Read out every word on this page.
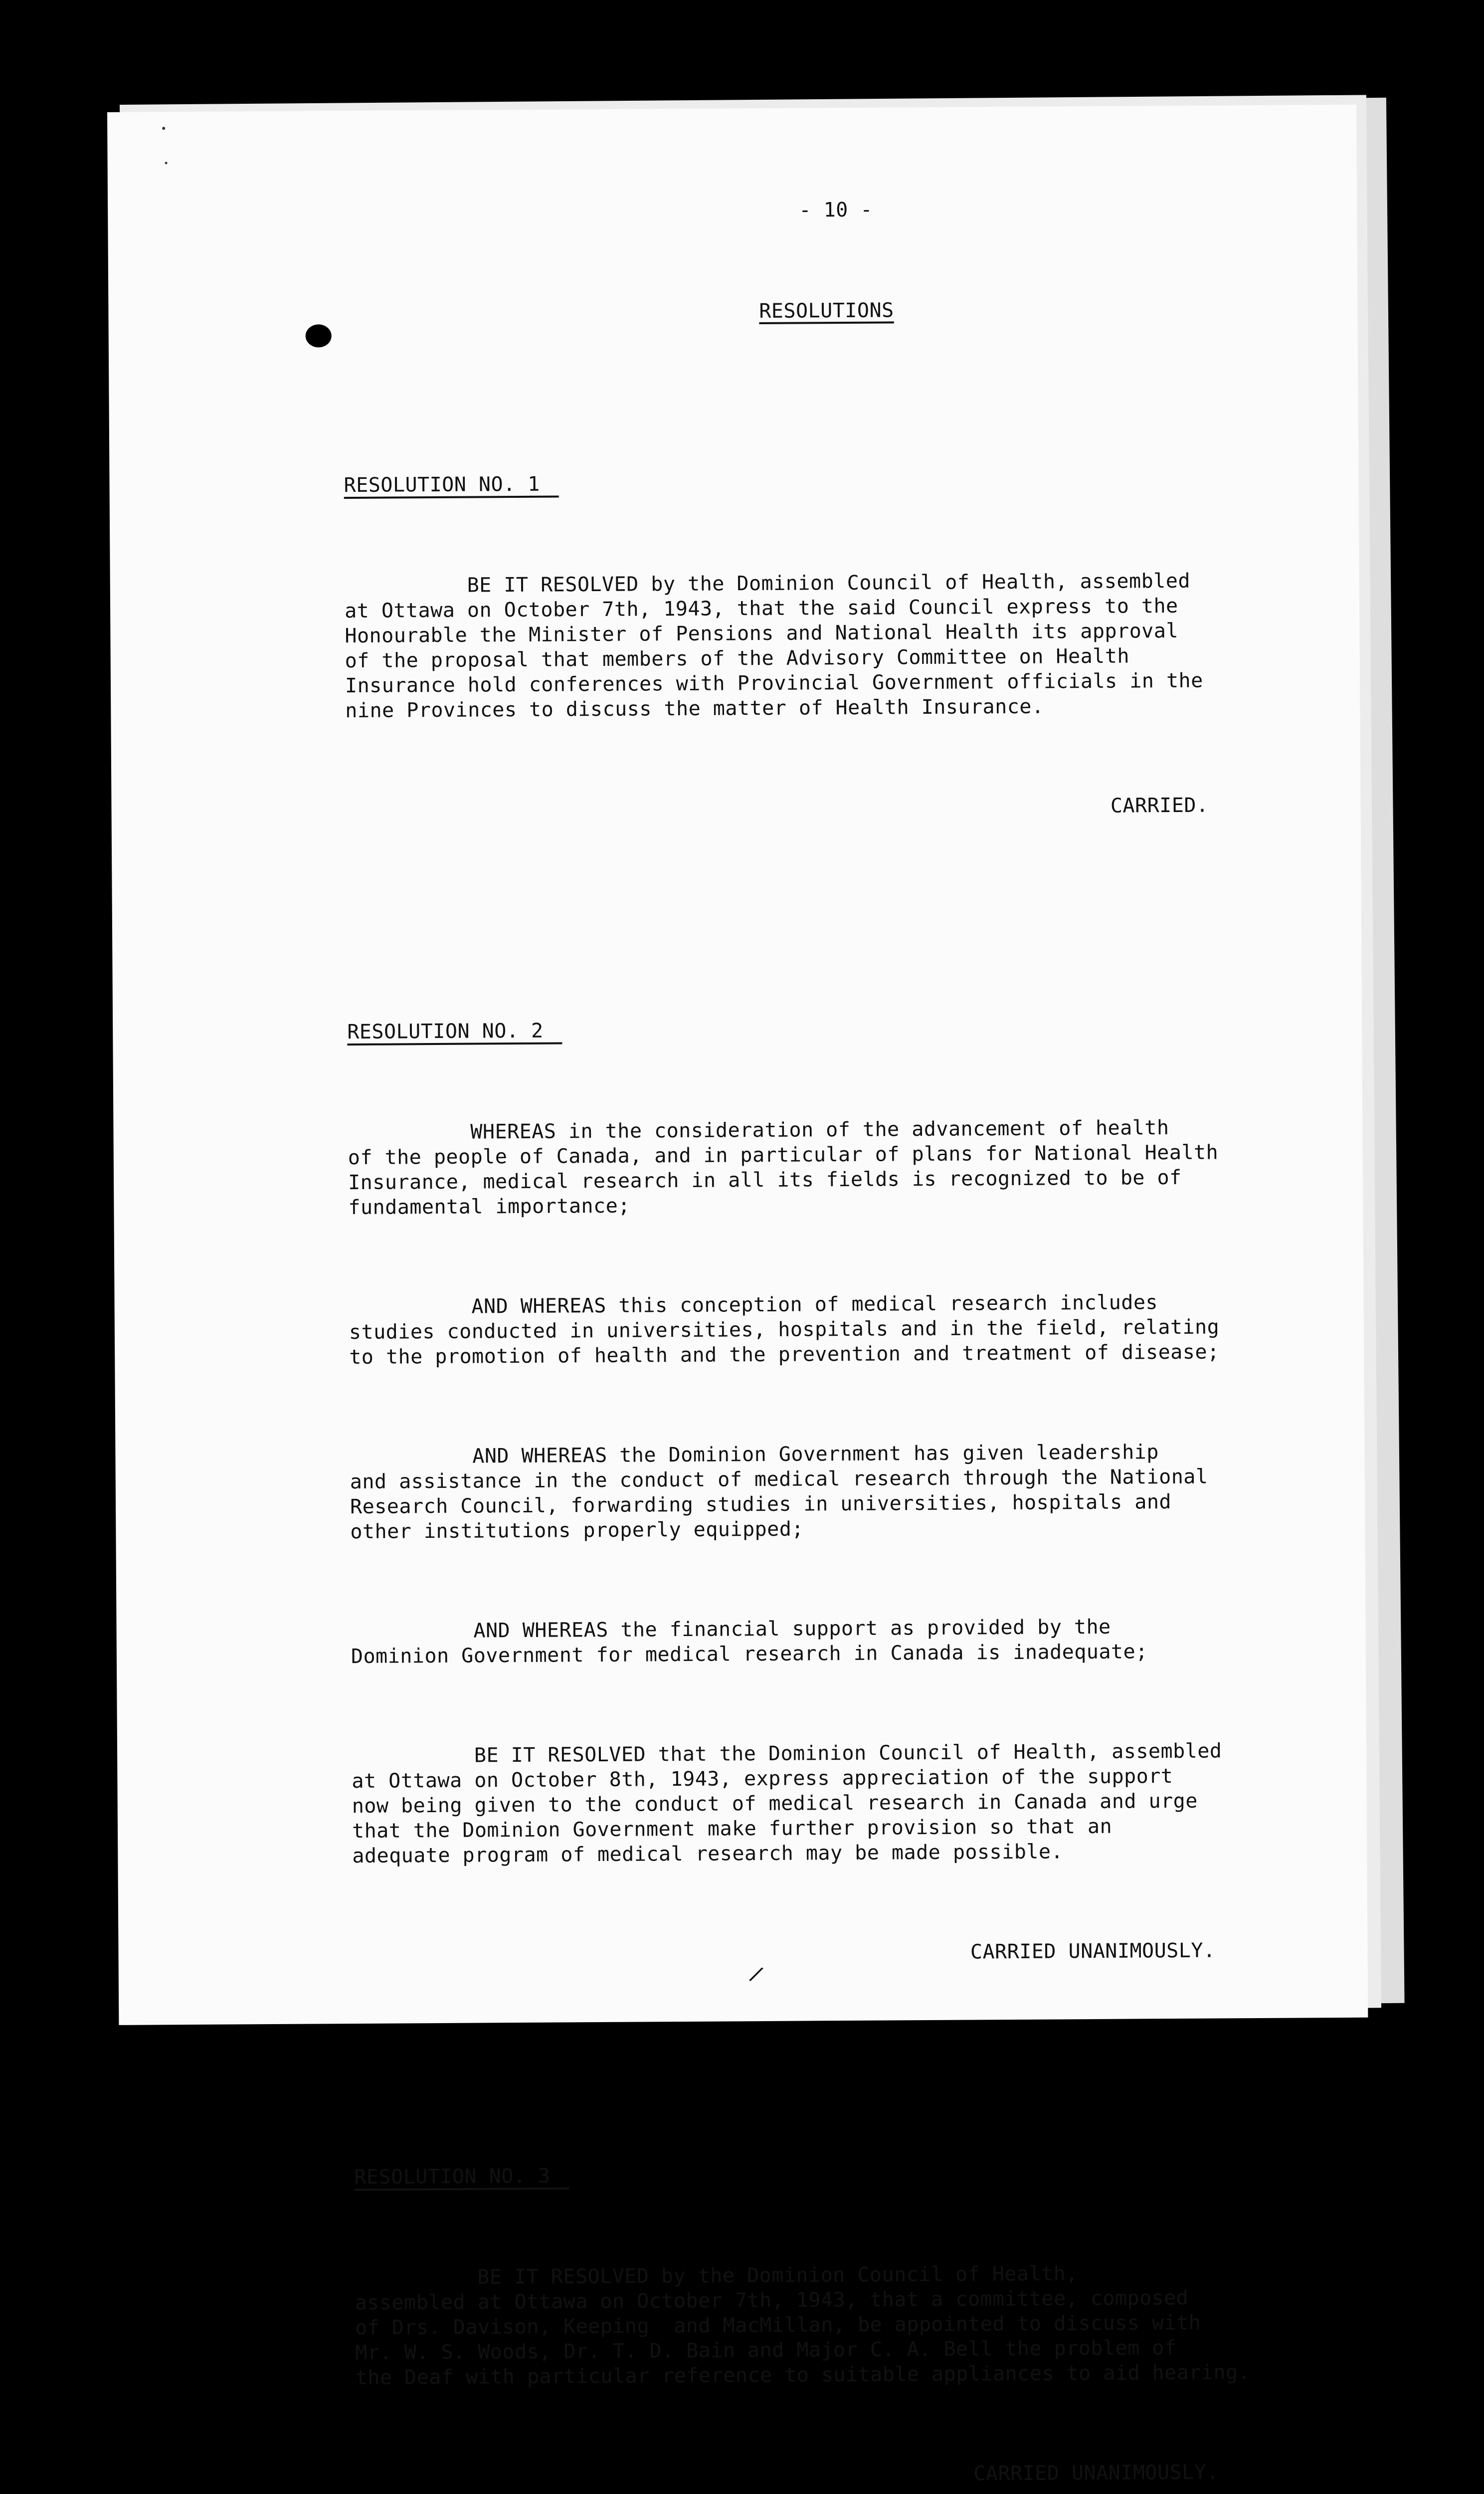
- 10 -

RESOLUTIONS

RESOLUTION NO. 1

BE IT RESOLVED by the Dominion Council of Health, assembled
at Ottawa on October 7th, 1943, that the said Council express to the
Honourable the Minister of Pensions and National Health its approval
of the proposal that members of the Advisory Committee on Health
Insurance hold conferences with Provincial Government officials in the
nine Provinces to discuss the matter of Health Insurance.

CARRIED.

RESOLUTION NO. 2

WHEREAS in the consideration of the advancement of health
of the people of Canada, and in particular of plans for National Health
Insurance, medical research in all its fields is recognized to be of
fundamental importance;

AND WHEREAS this conception of medical research includes
studies conducted in universities, hospitals and in the field, relating
to the promotion of health and the prevention and treatment of disease;

AND WHEREAS the Dominion Government has given leadership
and assistance in the conduct of medical research through the National
Research Council, forwarding studies in universities, hospitals and
other institutions properly equipped;

AND WHEREAS the financial support as provided by the
Dominion Government for medical research in Canada is inadequate;

BE IT RESOLVED that the Dominion Council of Health, assembled
at Ottawa on October 8th, 1943, express appreciation of the support
now being given to the conduct of medical research in Canada and urge
that the Dominion Government make further provision so that an
adequate program of medical research may be made possible.

CARRIED UNANIMOUSLY.

RESOLUTION NO. 3

BE IT RESOLVED by the Dominion Council of Health,
assembled at Ottawa on October 7th, 1943, that a committee, composed
of Drs. Davison, Keeping  and MacMillan, be appointed to discuss with
Mr. W. S. Woods, Dr. T. D. Bain and Major C. A. Bell the problem of
the Deaf with particular reference to suitable appliances to aid hearing.

CARRIED UNANIMOUSLY.

/
